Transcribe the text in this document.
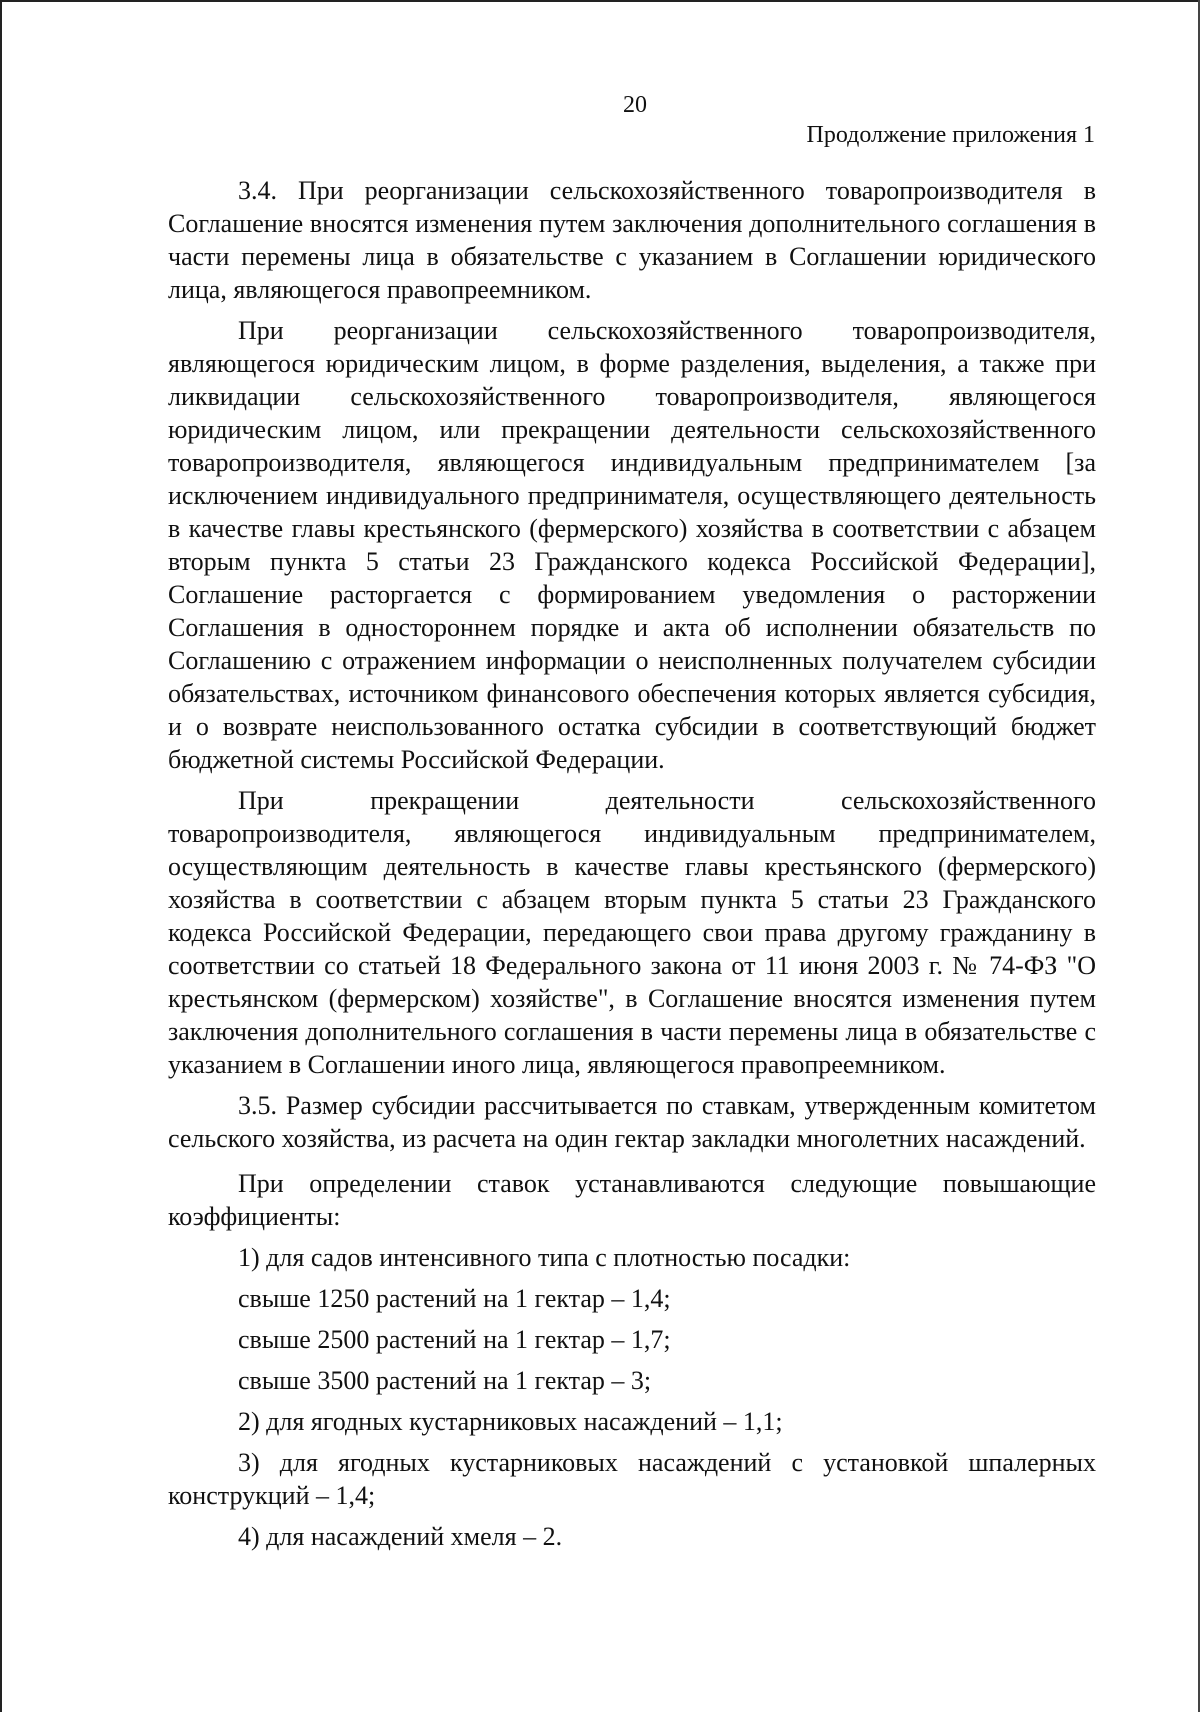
20
Продолжение приложения 1

3.4. При реорганизации сельскохозяйственного товаропроизводителя в Соглашение вносятся изменения путем заключения дополнительного соглашения в части перемены лица в обязательстве с указанием в Соглашении юридического лица, являющегося правопреемником.

При реорганизации сельскохозяйственного товаропроизводителя, являющегося юридическим лицом, в форме разделения, выделения, а также при ликвидации сельскохозяйственного товаропроизводителя, являющегося юридическим лицом, или прекращении деятельности сельскохозяйственного товаропроизводителя, являющегося индивидуальным предпринимателем [за исключением индивидуального предпринимателя, осуществляющего деятельность в качестве главы крестьянского (фермерского) хозяйства в соответствии с абзацем вторым пункта 5 статьи 23 Гражданского кодекса Российской Федерации], Соглашение расторгается с формированием уведомления о расторжении Соглашения в одностороннем порядке и акта об исполнении обязательств по Соглашению с отражением информации о неисполненных получателем субсидии обязательствах, источником финансового обеспечения которых является субсидия, и о возврате неиспользованного остатка субсидии в соответствующий бюджет бюджетной системы Российской Федерации.

При прекращении деятельности сельскохозяйственного товаропроизводителя, являющегося индивидуальным предпринимателем, осуществляющим деятельность в качестве главы крестьянского (фермерского) хозяйства в соответствии с абзацем вторым пункта 5 статьи 23 Гражданского кодекса Российской Федерации, передающего свои права другому гражданину в соответствии со статьей 18 Федерального закона от 11 июня 2003 г. № 74-ФЗ "О крестьянском (фермерском) хозяйстве", в Соглашение вносятся изменения путем заключения дополнительного соглашения в части перемены лица в обязательстве с указанием в Соглашении иного лица, являющегося правопреемником.

3.5. Размер субсидии рассчитывается по ставкам, утвержденным комитетом сельского хозяйства, из расчета на один гектар закладки многолетних насаждений.

При определении ставок устанавливаются следующие повышающие коэффициенты:

1) для садов интенсивного типа с плотностью посадки:

свыше 1250 растений на 1 гектар – 1,4;

свыше 2500 растений на 1 гектар – 1,7;

свыше 3500 растений на 1 гектар – 3;

2) для ягодных кустарниковых насаждений – 1,1;

3) для ягодных кустарниковых насаждений с установкой шпалерных конструкций – 1,4;

4) для насаждений хмеля – 2.
